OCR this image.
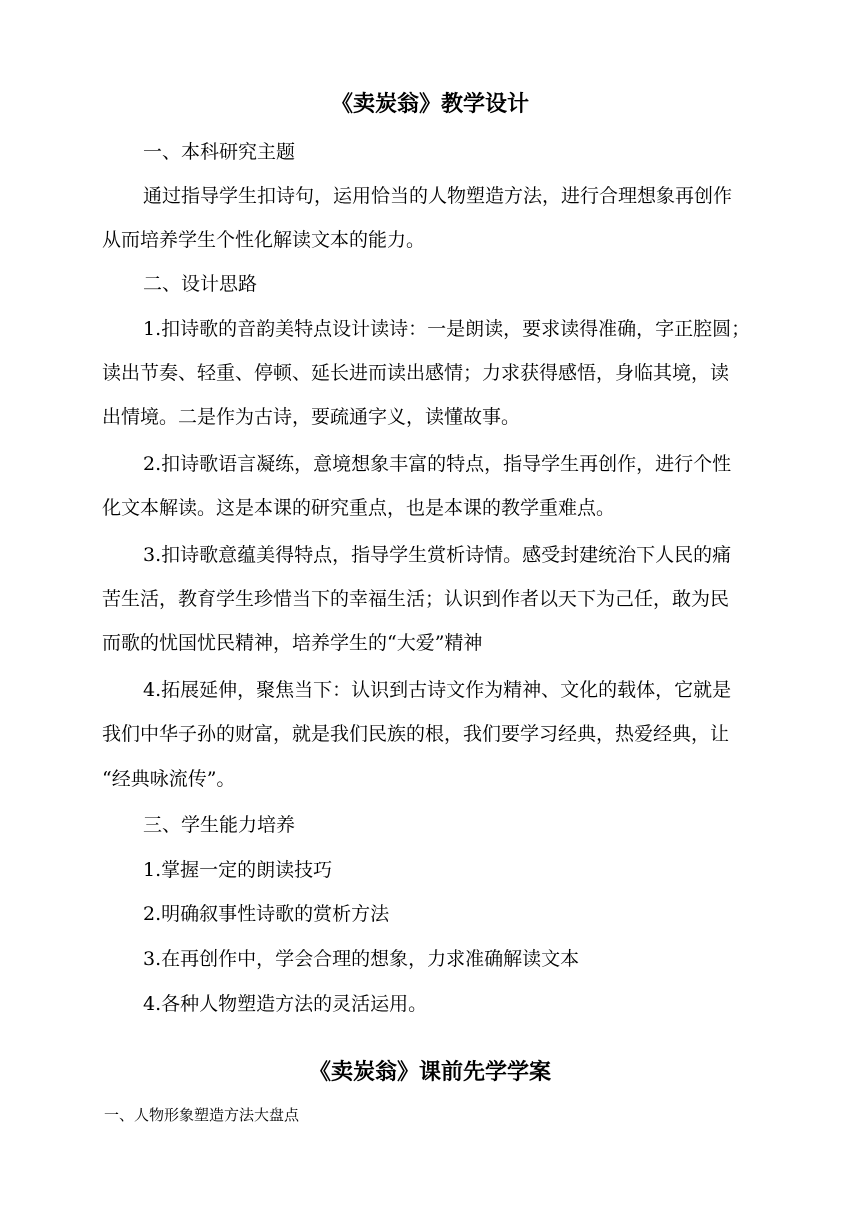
《卖炭翁》教学设计

一、本科研究主题

通过指导学生扣诗句，运用恰当的人物塑造方法，进行合理想象再创作

从而培养学生个性化解读文本的能力。

二、设计思路

1.扣诗歌的音韵美特点设计读诗：一是朗读，要求读得准确，字正腔圆；

读出节奏、轻重、停顿、延长进而读出感情；力求获得感悟，身临其境，读

出情境。二是作为古诗，要疏通字义，读懂故事。

2.扣诗歌语言凝练，意境想象丰富的特点，指导学生再创作，进行个性

化文本解读。这是本课的研究重点，也是本课的教学重难点。

3.扣诗歌意蕴美得特点，指导学生赏析诗情。感受封建统治下人民的痛

苦生活，教育学生珍惜当下的幸福生活；认识到作者以天下为己任，敢为民

而歌的忧国忧民精神，培养学生的“大爱”精神

4.拓展延伸，聚焦当下：认识到古诗文作为精神、文化的载体，它就是

我们中华子孙的财富，就是我们民族的根，我们要学习经典，热爱经典，让

“经典咏流传”。

三、学生能力培养

1.掌握一定的朗读技巧

2.明确叙事性诗歌的赏析方法

3.在再创作中，学会合理的想象，力求准确解读文本

4.各种人物塑造方法的灵活运用。

《卖炭翁》课前先学学案

一、人物形象塑造方法大盘点
